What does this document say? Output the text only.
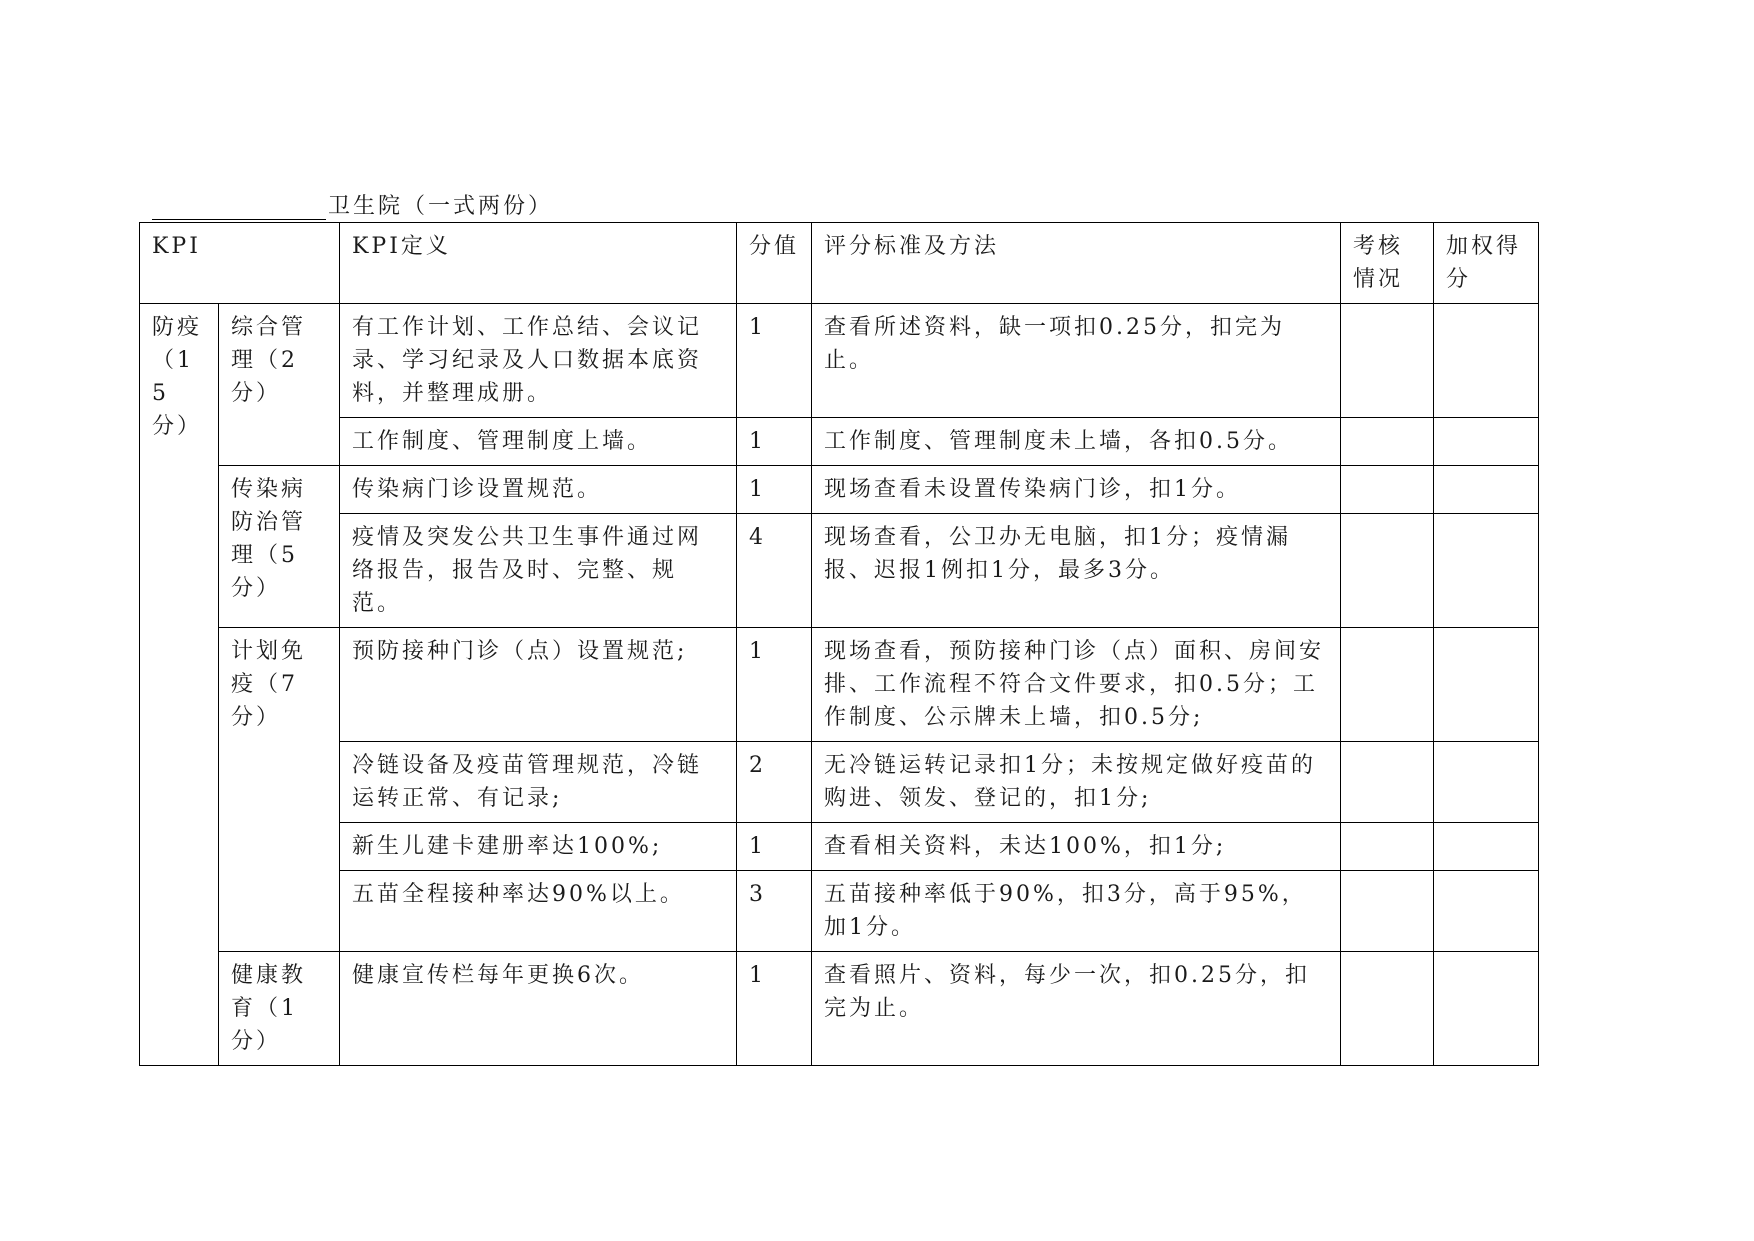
卫生院（一式两份）
KPI		KPI定义	分值	评分标准及方法	考核情况	加权得分
防疫（15分）	综合管理（2分）	有工作计划、工作总结、会议记录、学习纪录及人口数据本底资料，并整理成册。	1	查看所述资料，缺一项扣0.25分，扣完为止。		
		工作制度、管理制度上墙。	1	工作制度、管理制度未上墙，各扣0.5分。		
	传染病防治管理（5分）	传染病门诊设置规范。	1	现场查看未设置传染病门诊，扣1分。		
		疫情及突发公共卫生事件通过网络报告，报告及时、完整、规范。	4	现场查看，公卫办无电脑，扣1分；疫情漏报、迟报1例扣1分，最多3分。		
	计划免疫（7分）	预防接种门诊（点）设置规范;	1	现场查看，预防接种门诊（点）面积、房间安排、工作流程不符合文件要求，扣0.5分；工作制度、公示牌未上墙，扣0.5分;		
		冷链设备及疫苗管理规范，冷链运转正常、有记录;	2	无冷链运转记录扣1分；未按规定做好疫苗的购进、领发、登记的，扣1分;		
		新生儿建卡建册率达100%;	1	查看相关资料，未达100%，扣1分;		
		五苗全程接种率达90%以上。	3	五苗接种率低于90%，扣3分，高于95%，加1分。		
	健康教育（1分）	健康宣传栏每年更换6次。	1	查看照片、资料，每少一次，扣0.25分，扣完为止。		
